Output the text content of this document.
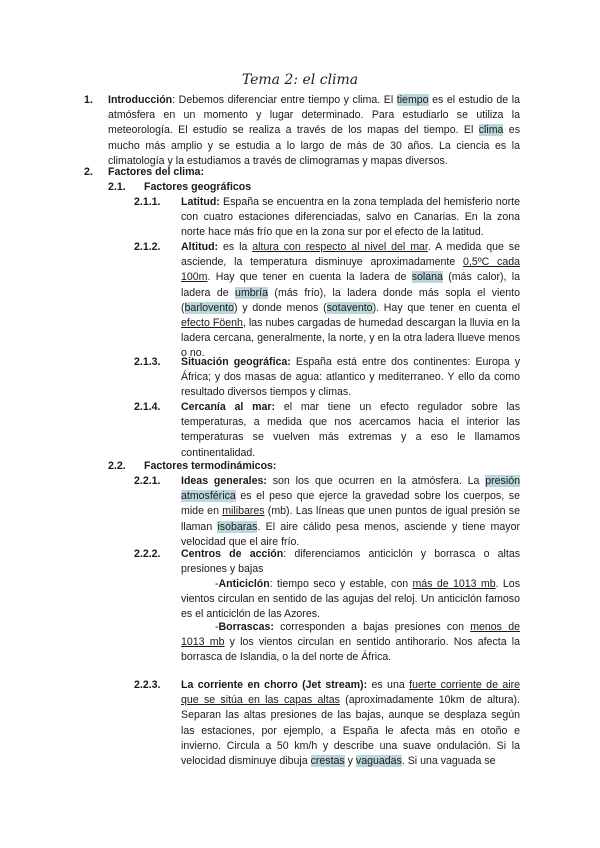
Tema 2: el clima
1. Introducción: Debemos diferenciar entre tiempo y clima. El tiempo es el estudio de la atmósfera en un momento y lugar determinado. Para estudiarlo se utiliza la meteorología. El estudio se realiza a través de los mapas del tiempo. El clima es mucho más amplio y se estudia a lo largo de más de 30 años. La ciencia es la climatología y la estudiamos a través de climogramas y mapas diversos.
2. Factores del clima:
2.1. Factores geográficos
2.1.1. Latitud: España se encuentra en la zona templada del hemisferio norte con cuatro estaciones diferenciadas, salvo en Canarias. En la zona norte hace más frío que en la zona sur por el efecto de la latitud.
2.1.2. Altitud: es la altura con respecto al nivel del mar. A medida que se asciende, la temperatura disminuye aproximadamente 0,5ºC cada 100m. Hay que tener en cuenta la ladera de solana (más calor), la ladera de umbría (más frío), la ladera donde más sopla el viento (barlovento) y donde menos (sotavento). Hay que tener en cuenta el efecto Föenh, las nubes cargadas de humedad descargan la lluvia en la ladera cercana, generalmente, la norte, y en la otra ladera llueve menos o no.
2.1.3. Situación geográfica: España está entre dos continentes: Europa y África; y dos masas de agua: atlantico y mediterraneo. Y ello da como resultado diversos tiempos y climas.
2.1.4. Cercanía al mar: el mar tiene un efecto regulador sobre las temperaturas, a medida que nos acercamos hacia el interior las temperaturas se vuelven más extremas y a eso le llamamos continentalidad.
2.2. Factores termodinámicos:
2.2.1. Ideas generales: son los que ocurren en la atmósfera. La presión atmosférica es el peso que ejerce la gravedad sobre los cuerpos, se mide en milibares (mb). Las líneas que unen puntos de igual presión se llaman isobaras. El aire cálido pesa menos, asciende y tiene mayor velocidad que el aire frío.
2.2.2. Centros de acción: diferenciamos anticiclón y borrasca o altas presiones y bajas
-Anticiclón: tiempo seco y estable, con más de 1013 mb. Los vientos circulan en sentido de las agujas del reloj. Un anticiclón famoso es el anticiclón de las Azores.
-Borrascas: corresponden a bajas presiones con menos de 1013 mb y los vientos circulan en sentido antihorario. Nos afecta la borrasca de Islandia, o la del norte de África.
2.2.3. La corriente en chorro (Jet stream): es una fuerte corriente de aire que se sitúa en las capas altas (aproximadamente 10km de altura). Separan las altas presiones de las bajas, aunque se desplaza según las estaciones, por ejemplo, a España le afecta más en otoño e invierno. Circula a 50 km/h y describe una suave ondulación. Si la velocidad disminuye dibuja crestas y vaguadas. Si una vaguada se
